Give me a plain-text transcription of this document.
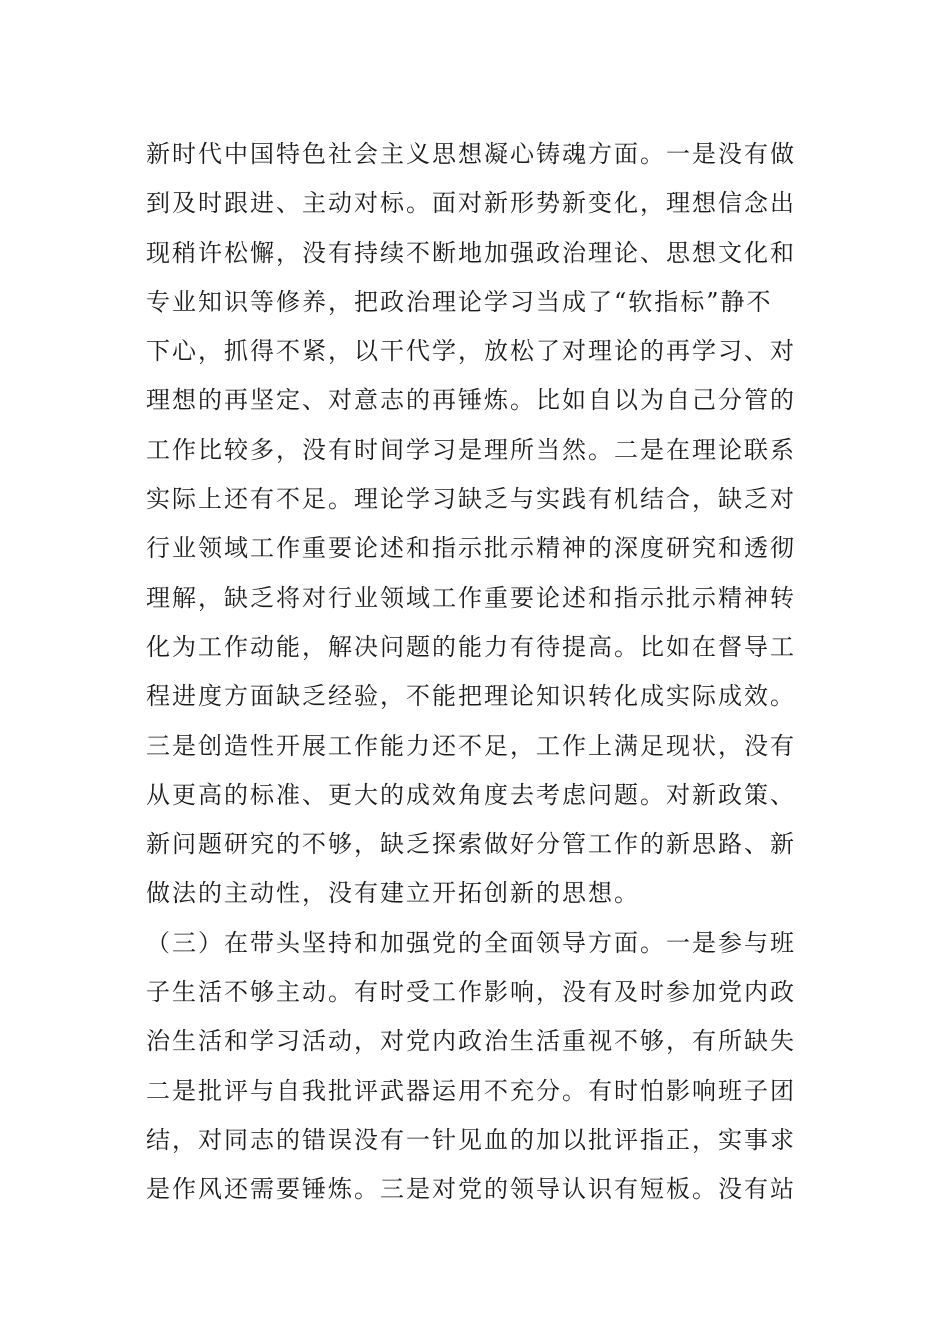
新时代中国特色社会主义思想凝心铸魂方面。一是没有做
到及时跟进、主动对标。面对新形势新变化，理想信念出
现稍许松懈，没有持续不断地加强政治理论、思想文化和
专业知识等修养，把政治理论学习当成了“软指标”静不
下心，抓得不紧，以干代学，放松了对理论的再学习、对
理想的再坚定、对意志的再锤炼。比如自以为自己分管的
工作比较多，没有时间学习是理所当然。二是在理论联系
实际上还有不足。理论学习缺乏与实践有机结合，缺乏对
行业领域工作重要论述和指示批示精神的深度研究和透彻
理解，缺乏将对行业领域工作重要论述和指示批示精神转
化为工作动能，解决问题的能力有待提高。比如在督导工
程进度方面缺乏经验，不能把理论知识转化成实际成效。
三是创造性开展工作能力还不足，工作上满足现状，没有
从更高的标准、更大的成效角度去考虑问题。对新政策、
新问题研究的不够，缺乏探索做好分管工作的新思路、新
做法的主动性，没有建立开拓创新的思想。
（三）在带头坚持和加强党的全面领导方面。一是参与班
子生活不够主动。有时受工作影响，没有及时参加党内政
治生活和学习活动，对党内政治生活重视不够，有所缺失
二是批评与自我批评武器运用不充分。有时怕影响班子团
结，对同志的错误没有一针见血的加以批评指正，实事求
是作风还需要锤炼。三是对党的领导认识有短板。没有站
